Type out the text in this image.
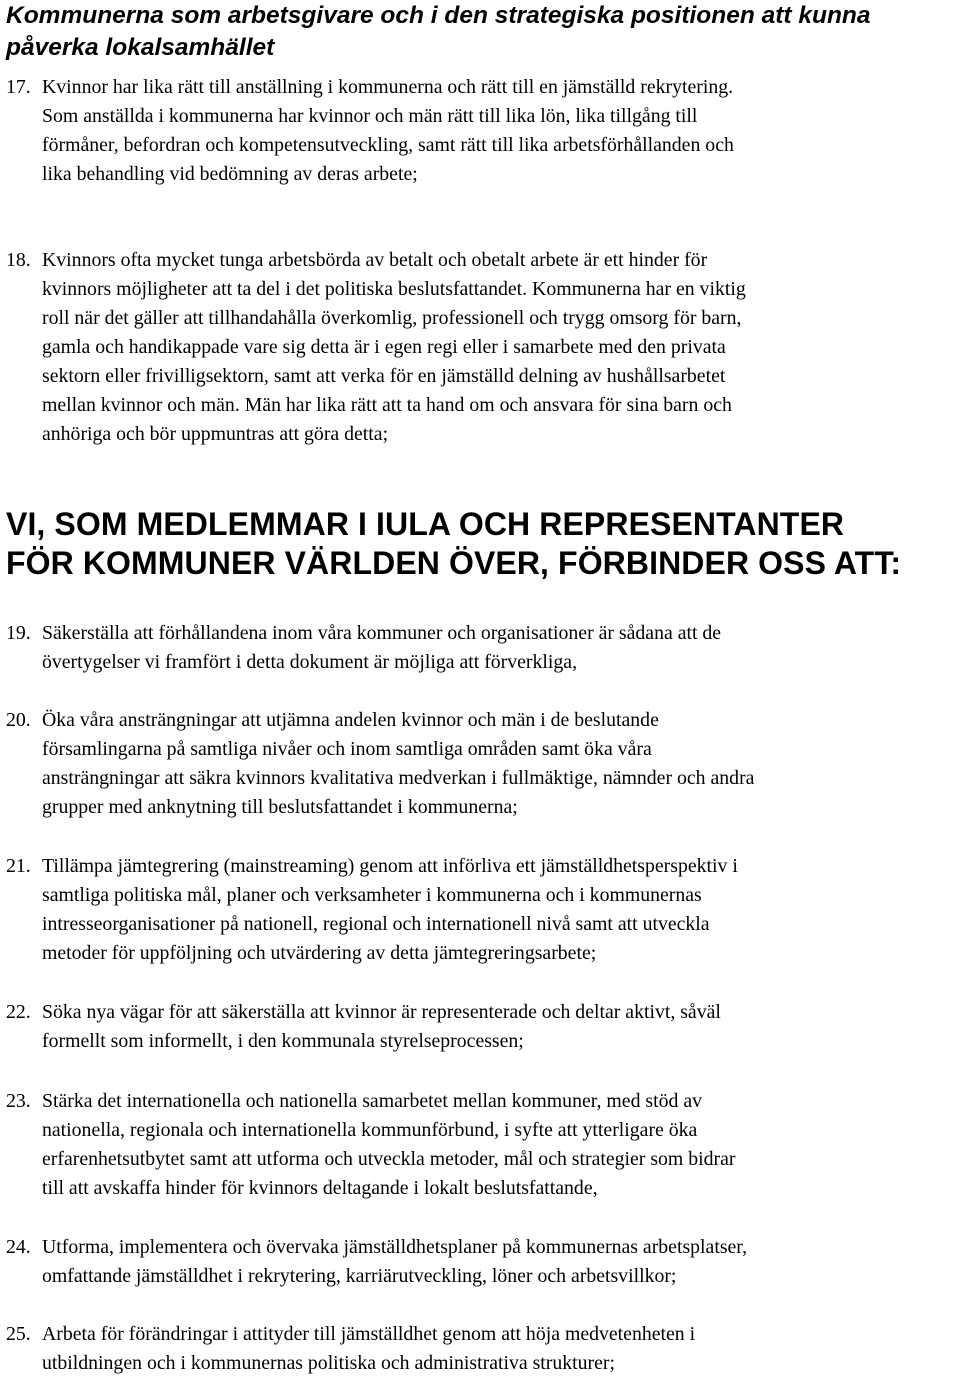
Kommunerna som arbetsgivare och i den strategiska positionen att kunna påverka lokalsamhället
17. Kvinnor har lika rätt till anställning i kommunerna och rätt till en jämställd rekrytering.
Som anställda i kommunerna har kvinnor och män rätt till lika lön, lika tillgång till
förmåner, befordran och kompetensutveckling, samt rätt till lika arbetsförhållanden och
lika behandling vid bedömning av deras arbete;
18. Kvinnors ofta mycket tunga arbetsbörda av betalt och obetalt arbete är ett hinder för
kvinnors möjligheter att ta del i det politiska beslutsfattandet. Kommunerna har en viktig
roll när det gäller att tillhandahålla överkomlig, professionell och trygg omsorg för barn,
gamla och handikappade vare sig detta är i egen regi eller i samarbete med den privata
sektorn eller frivilligsektorn, samt att verka för en jämställd delning av hushållsarbetet
mellan kvinnor och män. Män har lika rätt att ta hand om och ansvara för sina barn och
anhöriga och bör uppmuntras att göra detta;
VI, SOM MEDLEMMAR I IULA OCH REPRESENTANTER
FÖR KOMMUNER VÄRLDEN ÖVER, FÖRBINDER OSS ATT:
19. Säkerställa att förhållandena inom våra kommuner och organisationer är sådana att de
övertygelser vi framfört i detta dokument är möjliga att förverkliga,
20. Öka våra ansträngningar att utjämna andelen kvinnor och män i de beslutande
församlingarna på samtliga nivåer och inom samtliga områden samt öka våra
ansträngningar att säkra kvinnors kvalitativa medverkan i fullmäktige, nämnder och andra
grupper med anknytning till beslutsfattandet i kommunerna;
21. Tillämpa jämtegrering (mainstreaming) genom att införliva ett jämställdhetsperspektiv i
samtliga politiska mål, planer och verksamheter i kommunerna och i kommunernas
intresseorganisationer på nationell, regional och internationell nivå samt att utveckla
metoder för uppföljning och utvärdering av detta jämtegreringsarbete;
22. Söka nya vägar för att säkerställa att kvinnor är representerade och deltar aktivt, såväl
formellt som informellt, i den kommunala styrelseprocessen;
23. Stärka det internationella och nationella samarbetet mellan kommuner, med stöd av
nationella, regionala och internationella kommunförbund, i syfte att ytterligare öka
erfarenhetsutbytet samt att utforma och utveckla metoder, mål och strategier som bidrar
till att avskaffa hinder för kvinnors deltagande i lokalt beslutsfattande,
24. Utforma, implementera och övervaka jämställdhetsplaner på kommunernas arbetsplatser,
omfattande jämställdhet i rekrytering, karriärutveckling, löner och arbetsvillkor;
25. Arbeta för förändringar i attityder till jämställdhet genom att höja medvetenheten i
utbildningen och i kommunernas politiska och administrativa strukturer;
